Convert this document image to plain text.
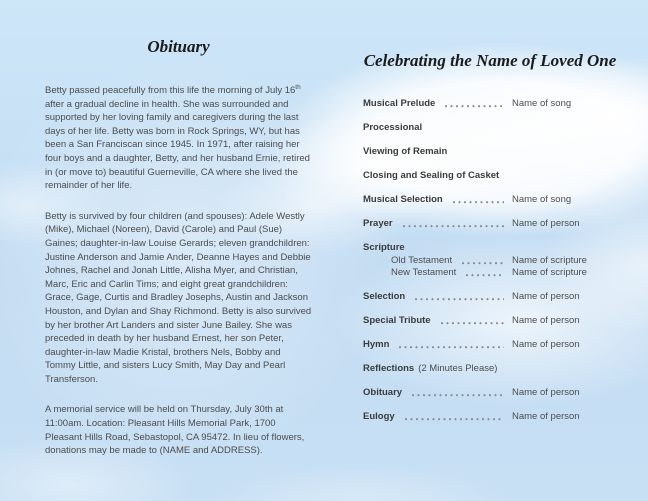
Obituary

Betty passed peacefully from this life the morning of July 16th after a gradual decline in health. She was surrounded and supported by her loving family and caregivers during the last days of her life. Betty was born in Rock Springs, WY, but has been a San Franciscan since 1945. In 1971, after raising her four boys and a daughter, Betty, and her husband Ernie, retired in (or move to) beautiful Guerneville, CA where she lived the remainder of her life.

Betty is survived by four children (and spouses): Adele Westly (Mike), Michael (Noreen), David (Carole) and Paul (Sue) Gaines; daughter-in-law Louise Gerards; eleven grandchildren: Justine Anderson and Jamie Ander, Deanne Hayes and Debbie Johnes, Rachel and Jonah Little, Alisha Myer, and Christian, Marc, Eric and Carlin Tims; and eight great grandchildren: Grace, Gage, Curtis and Bradley Josephs, Austin and Jackson Houston, and Dylan and Shay Richmond. Betty is also survived by her brother Art Landers and sister June Bailey. She was preceded in death by her husband Ernest, her son Peter, daughter-in-law Madie Kristal, brothers Nels, Bobby and Tommy Little, and sisters Lucy Smith, May Day and Pearl Transferson.

A memorial service will be held on Thursday, July 30th at 11:00am. Location: Pleasant Hills Memorial Park, 1700 Pleasant Hills Road, Sebastopol, CA 95472. In lieu of flowers, donations may be made to (NAME and ADDRESS).

Celebrating the Name of Loved One
Musical Prelude	Name of song
Processional
Viewing of Remain
Closing and Sealing of Casket
Musical Selection	Name of song
Prayer	Name of person
Scripture
Old Testament	Name of scripture
New Testament	Name of scripture
Selection	Name of person
Special Tribute	Name of person
Hymn	Name of person
Reflections (2 Minutes Please)
Obituary	Name of person
Eulogy	Name of person
